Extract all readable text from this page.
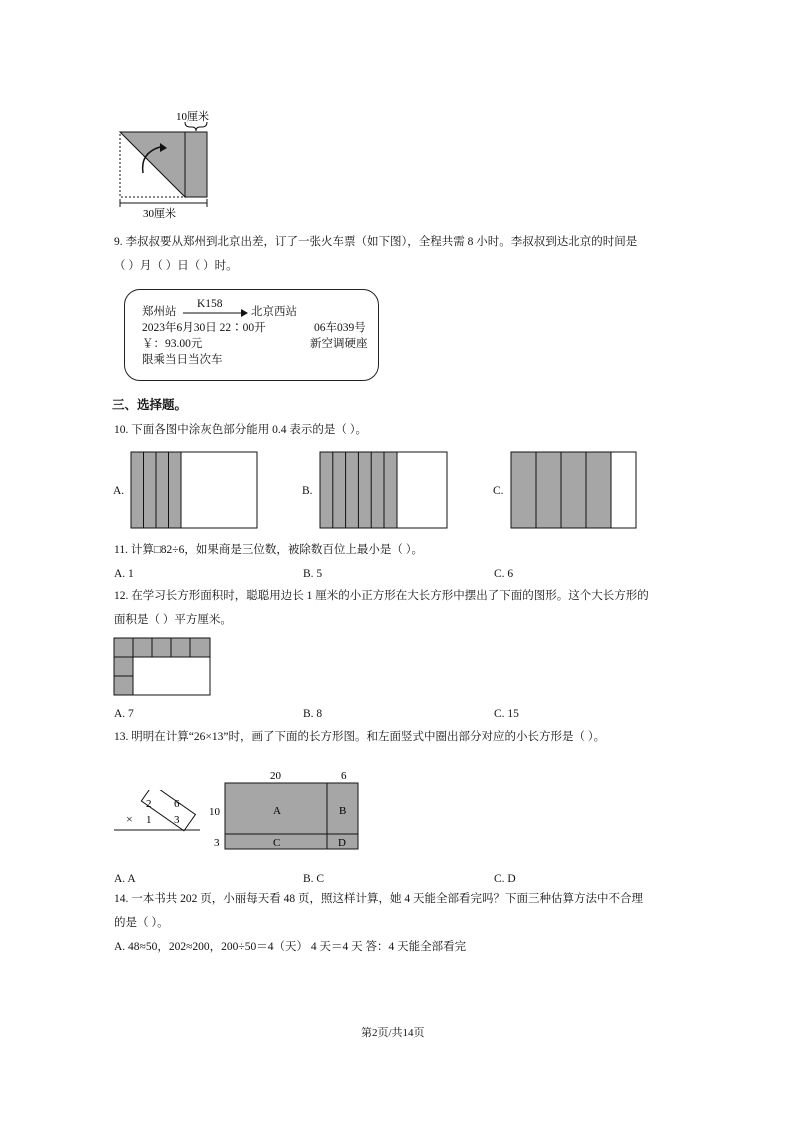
10厘米
30厘米
9. 李叔叔要从郑州到北京出差，订了一张火车票（如下图），全程共需 8 小时。李叔叔到达北京的时间是
（ ）月（ ）日（ ）时。
郑州站
K158
北京西站
2023年6月30日 22∶00开	06车039号
￥：93.00元	新空调硬座
限乘当日当次车
三、选择题。
10. 下面各图中涂灰色部分能用 0.4 表示的是（ ）。
A.	B.	C.
11. 计算□82÷6，如果商是三位数，被除数百位上最小是（ ）。
A. 1	B. 5	C. 6
12. 在学习长方形面积时，聪聪用边长 1 厘米的小正方形在大长方形中摆出了下面的图形。这个大长方形的
面积是（ ）平方厘米。
A. 7	B. 8	C. 15
13. 明明在计算“26×13”时，画了下面的长方形图。和左面竖式中圈出部分对应的小长方形是（ ）。
2 6
× 1 3
20	6
10
3
A	B
C	D
A. A	B. C	C. D
14. 一本书共 202 页，小丽每天看 48 页，照这样计算，她 4 天能全部看完吗？下面三种估算方法中不合理
的是（ ）。
A. 48≈50，202≈200，200÷50＝4（天） 4 天＝4 天 答：4 天能全部看完
第2页/共14页
